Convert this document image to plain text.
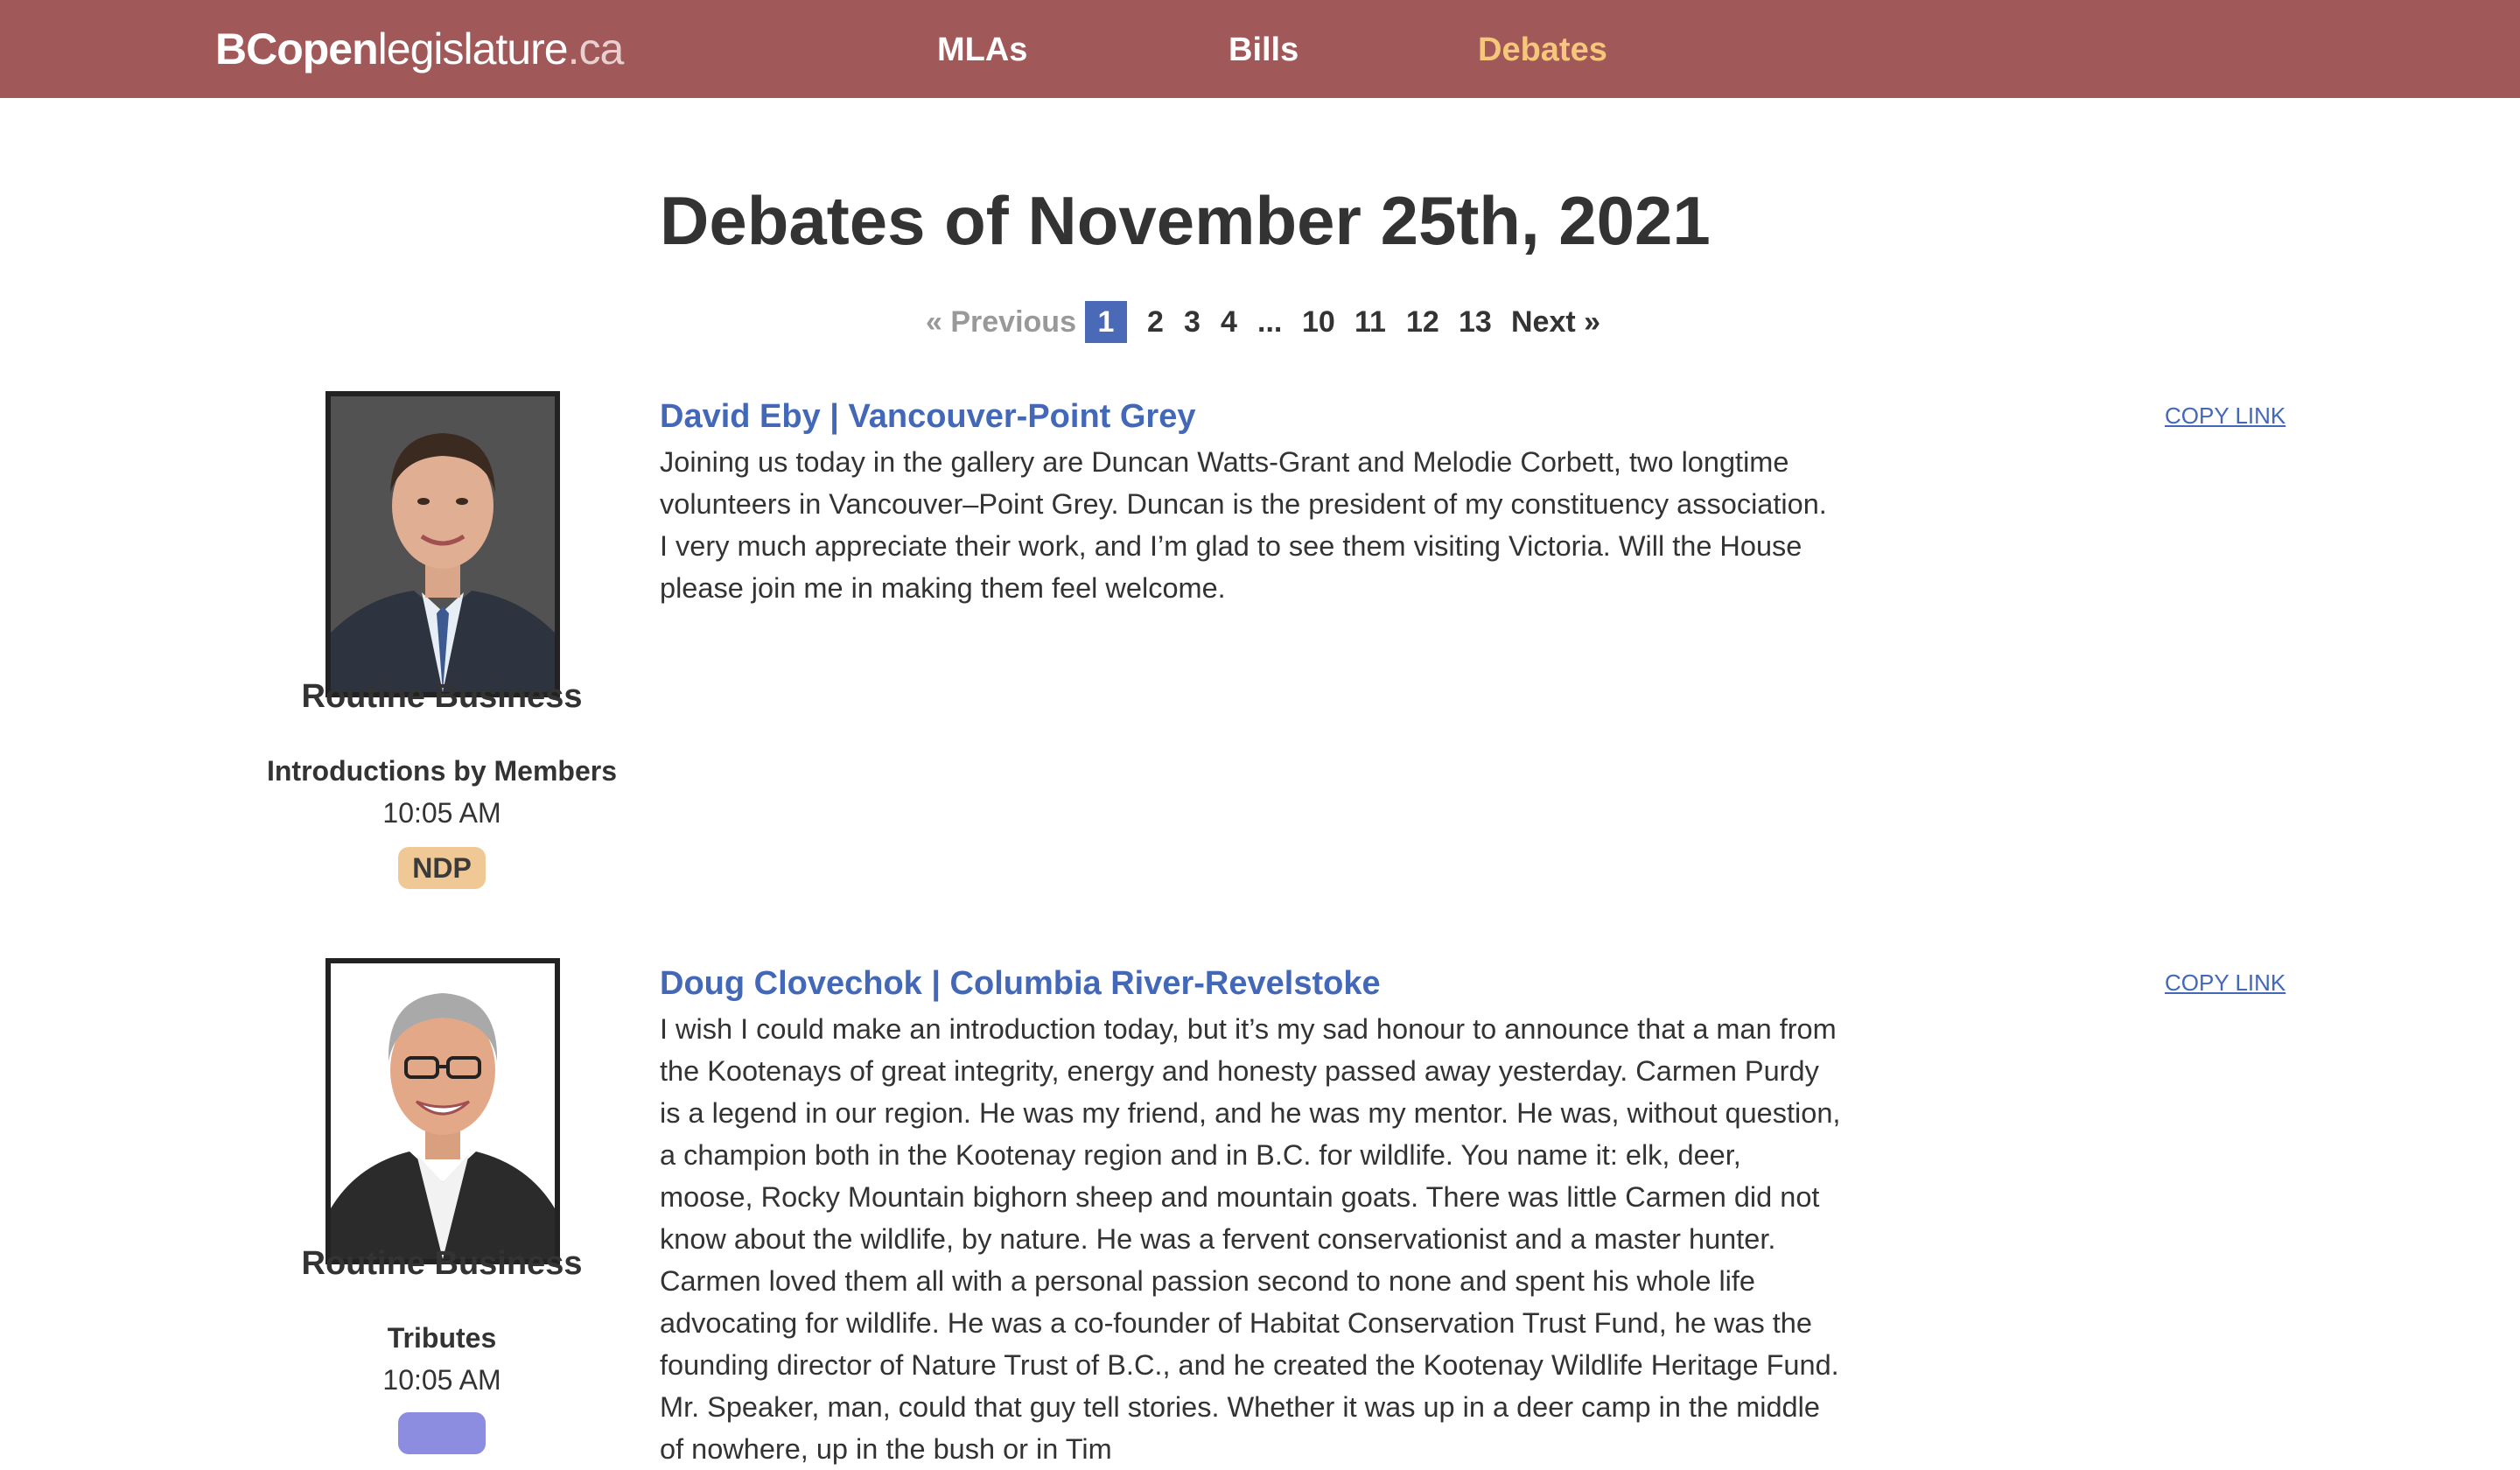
BCopenlegislature.ca	MLAs	Bills	Debates
Debates of November 25th, 2021
« Previous 1	2 3 4 ... 10 11 12 13 Next »
Routine Business
Introductions by Members
10:05 AM
NDP
David Eby | Vancouver-Point Grey	COPY LINK

Joining us today in the gallery are Duncan Watts-Grant and Melodie Corbett, two longtime volunteers in Vancouver–Point Grey. Duncan is the president of my constituency association. I very much appreciate their work, and I’m glad to see them visiting Victoria. Will the House please join me in making them feel welcome.

Routine Business
Tributes
10:05 AM
Doug Clovechok | Columbia River-Revelstoke	COPY LINK

I wish I could make an introduction today, but it’s my sad honour to announce that a man from the Kootenays of great integrity, energy and honesty passed away yesterday. Carmen Purdy is a legend in our region. He was my friend, and he was my mentor. He was, without question, a champion both in the Kootenay region and in B.C. for wildlife. You name it: elk, deer, moose, Rocky Mountain bighorn sheep and mountain goats. There was little Carmen did not know about the wildlife, by nature. He was a fervent conservationist and a master hunter. Carmen loved them all with a personal passion second to none and spent his whole life advocating for wildlife. He was a co-founder of Habitat Conservation Trust Fund, he was the founding director of Nature Trust of B.C., and he created the Kootenay Wildlife Heritage Fund. Mr. Speaker, man, could that guy tell stories. Whether it was up in a deer camp in the middle of nowhere, up in the bush or in Tim
